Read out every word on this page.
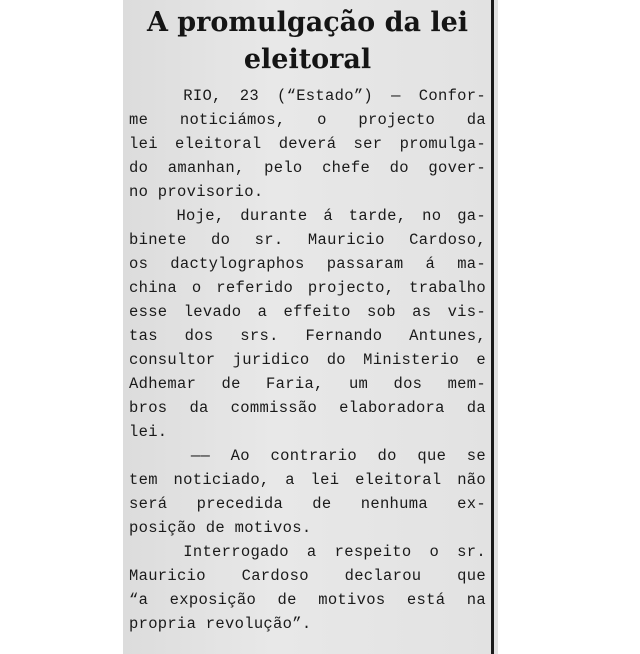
A promulgação da lei
eleitoral
RIO, 23 (“Estado”) — Confor-
me noticiámos, o projecto da
lei eleitoral deverá ser promulga-
do amanhan, pelo chefe do gover-
no provisorio.
Hoje, durante á tarde, no ga-
binete do sr. Mauricio Cardoso,
os dactylographos passaram á ma-
china o referido projecto, trabalho
esse levado a effeito sob as vis-
tas dos srs. Fernando Antunes,
consultor juridico do Ministerio e
Adhemar de Faria, um dos mem-
bros da commissão elaboradora da
lei.
—— Ao contrario do que se
tem noticiado, a lei eleitoral não
será precedida de nenhuma ex-
posição de motivos.
Interrogado a respeito o sr.
Mauricio Cardoso declarou que
“a exposição de motivos está na
propria revolução”.
